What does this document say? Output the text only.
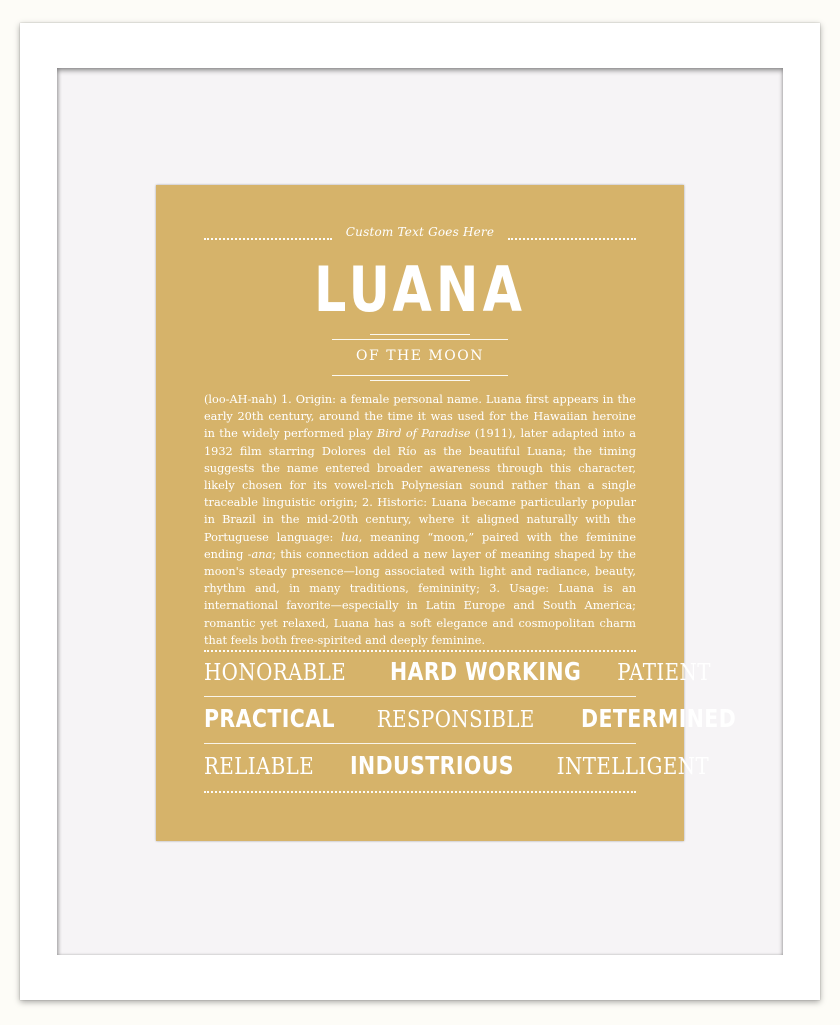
Custom Text Goes Here
LUANA
OF THE MOON
(loo-AH-nah) 1. Origin: a female personal name. Luana first appears in the early 20th century, around the time it was used for the Hawaiian heroine in the widely performed play Bird of Paradise (1911), later adapted into a 1932 film starring Dolores del Río as the beautiful Luana; the timing suggests the name entered broader awareness through this character, likely chosen for its vowel-rich Polynesian sound rather than a single traceable linguistic origin; 2. Historic: Luana became particularly popular in Brazil in the mid-20th century, where it aligned naturally with the Portuguese language: lua, meaning “moon,” paired with the feminine ending -ana; this connection added a new layer of meaning shaped by the moon's steady presence—long associated with light and radiance, beauty, rhythm and, in many traditions, femininity; 3. Usage: Luana is an international favorite—especially in Latin Europe and South America; romantic yet relaxed, Luana has a soft elegance and cosmopolitan charm that feels both free-spirited and deeply feminine.
HONORABLE HARD WORKING PATIENT
PRACTICAL RESPONSIBLE DETERMINED
RELIABLE INDUSTRIOUS INTELLIGENT
